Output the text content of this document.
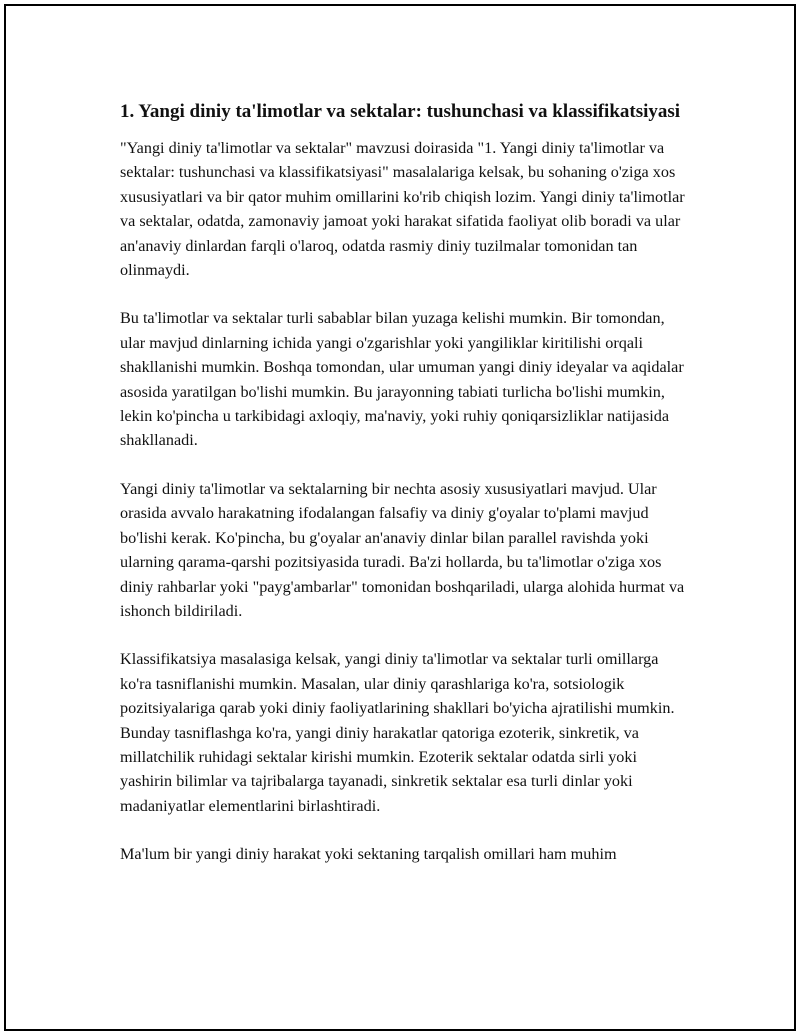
1. Yangi diniy ta'limotlar va sektalar: tushunchasi va klassifikatsiyasi

"Yangi diniy ta'limotlar va sektalar" mavzusi doirasida "1. Yangi diniy ta'limotlar va sektalar: tushunchasi va klassifikatsiyasi" masalalariga kelsak, bu sohaning o'ziga xos xususiyatlari va bir qator muhim omillarini ko'rib chiqish lozim. Yangi diniy ta'limotlar va sektalar, odatda, zamonaviy jamoat yoki harakat sifatida faoliyat olib boradi va ular an'anaviy dinlardan farqli o'laroq, odatda rasmiy diniy tuzilmalar tomonidan tan olinmaydi.

Bu ta'limotlar va sektalar turli sabablar bilan yuzaga kelishi mumkin. Bir tomondan, ular mavjud dinlarning ichida yangi o'zgarishlar yoki yangiliklar kiritilishi orqali shakllanishi mumkin. Boshqa tomondan, ular umuman yangi diniy ideyalar va aqidalar asosida yaratilgan bo'lishi mumkin. Bu jarayonning tabiati turlicha bo'lishi mumkin, lekin ko'pincha u tarkibidagi axloqiy, ma'naviy, yoki ruhiy qoniqarsizliklar natijasida shakllanadi.

Yangi diniy ta'limotlar va sektalarning bir nechta asosiy xususiyatlari mavjud. Ular orasida avvalo harakatning ifodalangan falsafiy va diniy g'oyalar to'plami mavjud bo'lishi kerak. Ko'pincha, bu g'oyalar an'anaviy dinlar bilan parallel ravishda yoki ularning qarama-qarshi pozitsiyasida turadi. Ba'zi hollarda, bu ta'limotlar o'ziga xos diniy rahbarlar yoki "payg'ambarlar" tomonidan boshqariladi, ularga alohida hurmat va ishonch bildiriladi.

Klassifikatsiya masalasiga kelsak, yangi diniy ta'limotlar va sektalar turli omillarga ko'ra tasniflanishi mumkin. Masalan, ular diniy qarashlariga ko'ra, sotsiologik pozitsiyalariga qarab yoki diniy faoliyatlarining shakllari bo'yicha ajratilishi mumkin. Bunday tasniflashga ko'ra, yangi diniy harakatlar qatoriga ezoterik, sinkretik, va millatchilik ruhidagi sektalar kirishi mumkin. Ezoterik sektalar odatda sirli yoki yashirin bilimlar va tajribalarga tayanadi, sinkretik sektalar esa turli dinlar yoki madaniyatlar elementlarini birlashtiradi.

Ma'lum bir yangi diniy harakat yoki sektaning tarqalish omillari ham muhim
